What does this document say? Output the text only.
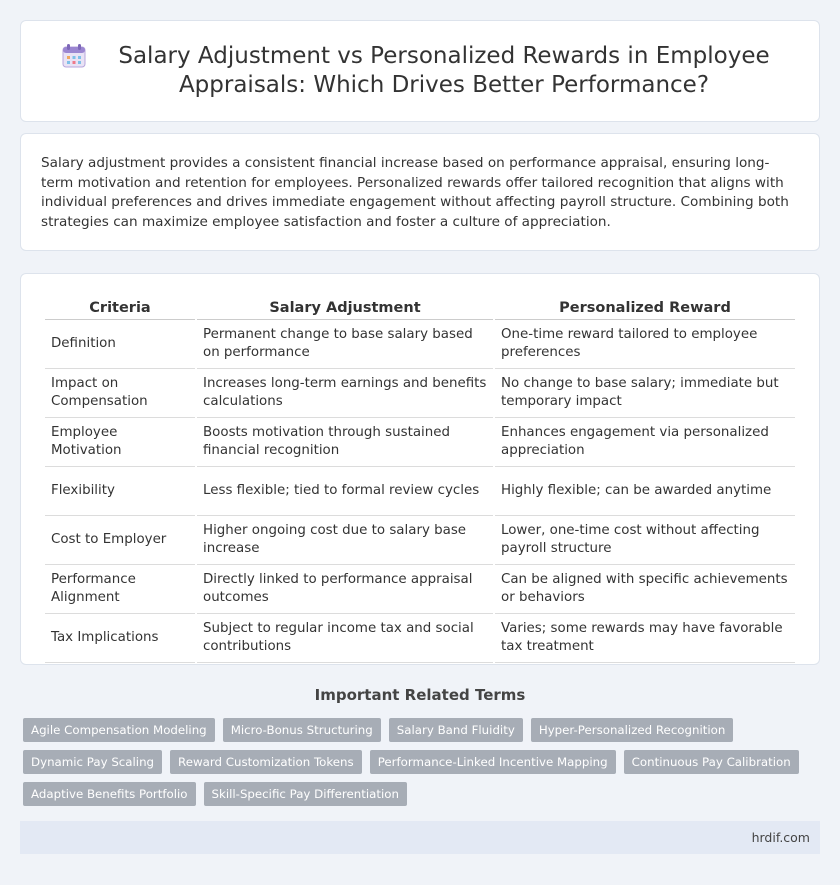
Salary Adjustment vs Personalized Rewards in Employee Appraisals: Which Drives Better Performance?

Salary adjustment provides a consistent financial increase based on performance appraisal, ensuring long-term motivation and retention for employees. Personalized rewards offer tailored recognition that aligns with individual preferences and drives immediate engagement without affecting payroll structure. Combining both strategies can maximize employee satisfaction and foster a culture of appreciation.

Criteria	Salary Adjustment	Personalized Reward
Definition	Permanent change to base salary based on performance	One-time reward tailored to employee preferences
Impact on Compensation	Increases long-term earnings and benefits calculations	No change to base salary; immediate but temporary impact
Employee Motivation	Boosts motivation through sustained financial recognition	Enhances engagement via personalized appreciation
Flexibility	Less flexible; tied to formal review cycles	Highly flexible; can be awarded anytime
Cost to Employer	Higher ongoing cost due to salary base increase	Lower, one-time cost without affecting payroll structure
Performance Alignment	Directly linked to performance appraisal outcomes	Can be aligned with specific achievements or behaviors
Tax Implications	Subject to regular income tax and social contributions	Varies; some rewards may have favorable tax treatment
Important Related Terms
Agile Compensation Modeling	Micro-Bonus Structuring	Salary Band Fluidity	Hyper-Personalized Recognition
Dynamic Pay Scaling	Reward Customization Tokens	Performance-Linked Incentive Mapping	Continuous Pay Calibration
Adaptive Benefits Portfolio	Skill-Specific Pay Differentiation
hrdif.com
